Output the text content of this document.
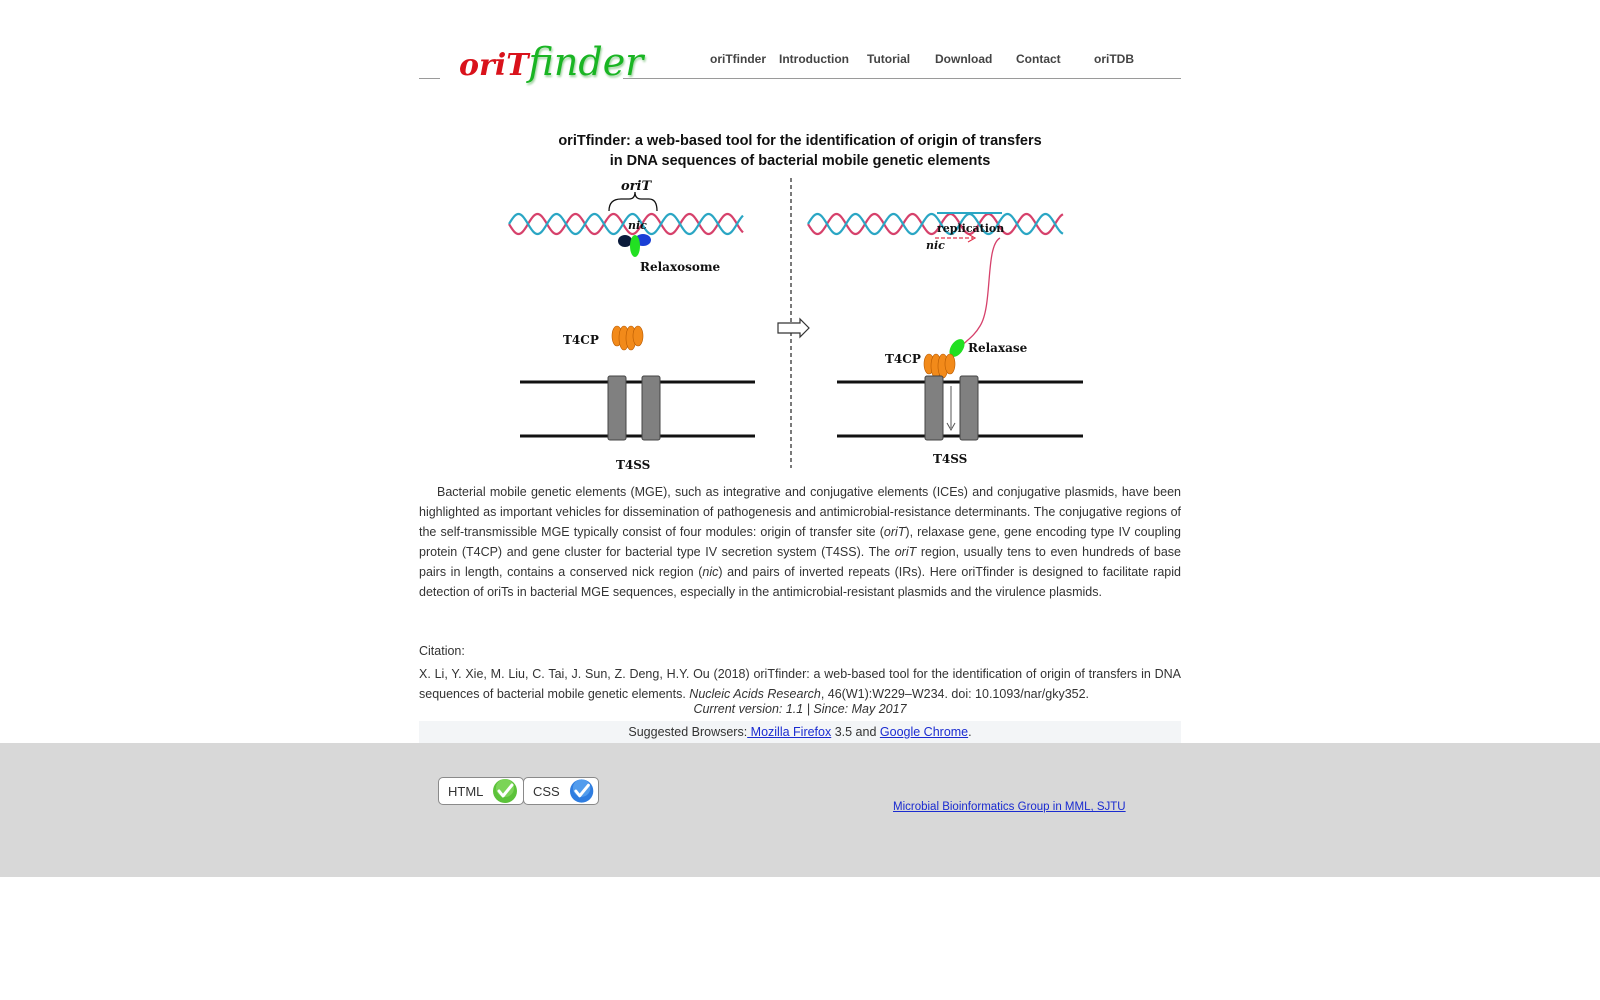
oriTfinder	oriTfinder Introduction Tutorial Download Contact	oriTDB
oriTfinder: a web-based tool for the identification of origin of transfers
in DNA sequences of bacterial mobile genetic elements
oriT
nic
Relaxosome
T4CP
T4SS
replication
nic
Relaxase
T4CP
T4SS

Bacterial mobile genetic elements (MGE), such as integrative and conjugative elements (ICEs) and conjugative plasmids, have been highlighted as important vehicles for dissemination of pathogenesis and antimicrobial-resistance determinants. The conjugative regions of the self-transmissible MGE typically consist of four modules: origin of transfer site (oriT), relaxase gene, gene encoding type IV coupling protein (T4CP) and gene cluster for bacterial type IV secretion system (T4SS). The oriT region, usually tens to even hundreds of base pairs in length, contains a conserved nick region (nic) and pairs of inverted repeats (IRs). Here oriTfinder is designed to facilitate rapid detection of oriTs in bacterial MGE sequences, especially in the antimicrobial-resistant plasmids and the virulence plasmids.

Citation:

X. Li, Y. Xie, M. Liu, C. Tai, J. Sun, Z. Deng, H.Y. Ou (2018) oriTfinder: a web-based tool for the identification of origin of transfers in DNA sequences of bacterial mobile genetic elements. Nucleic Acids Research, 46(W1):W229–W234. doi: 10.1093/nar/gky352.

Current version: 1.1 | Since: May 2017
Suggested Browsers: Mozilla Firefox 3.5 and Google Chrome.
HTML	CSS
Microbial Bioinformatics Group in MML, SJTU
